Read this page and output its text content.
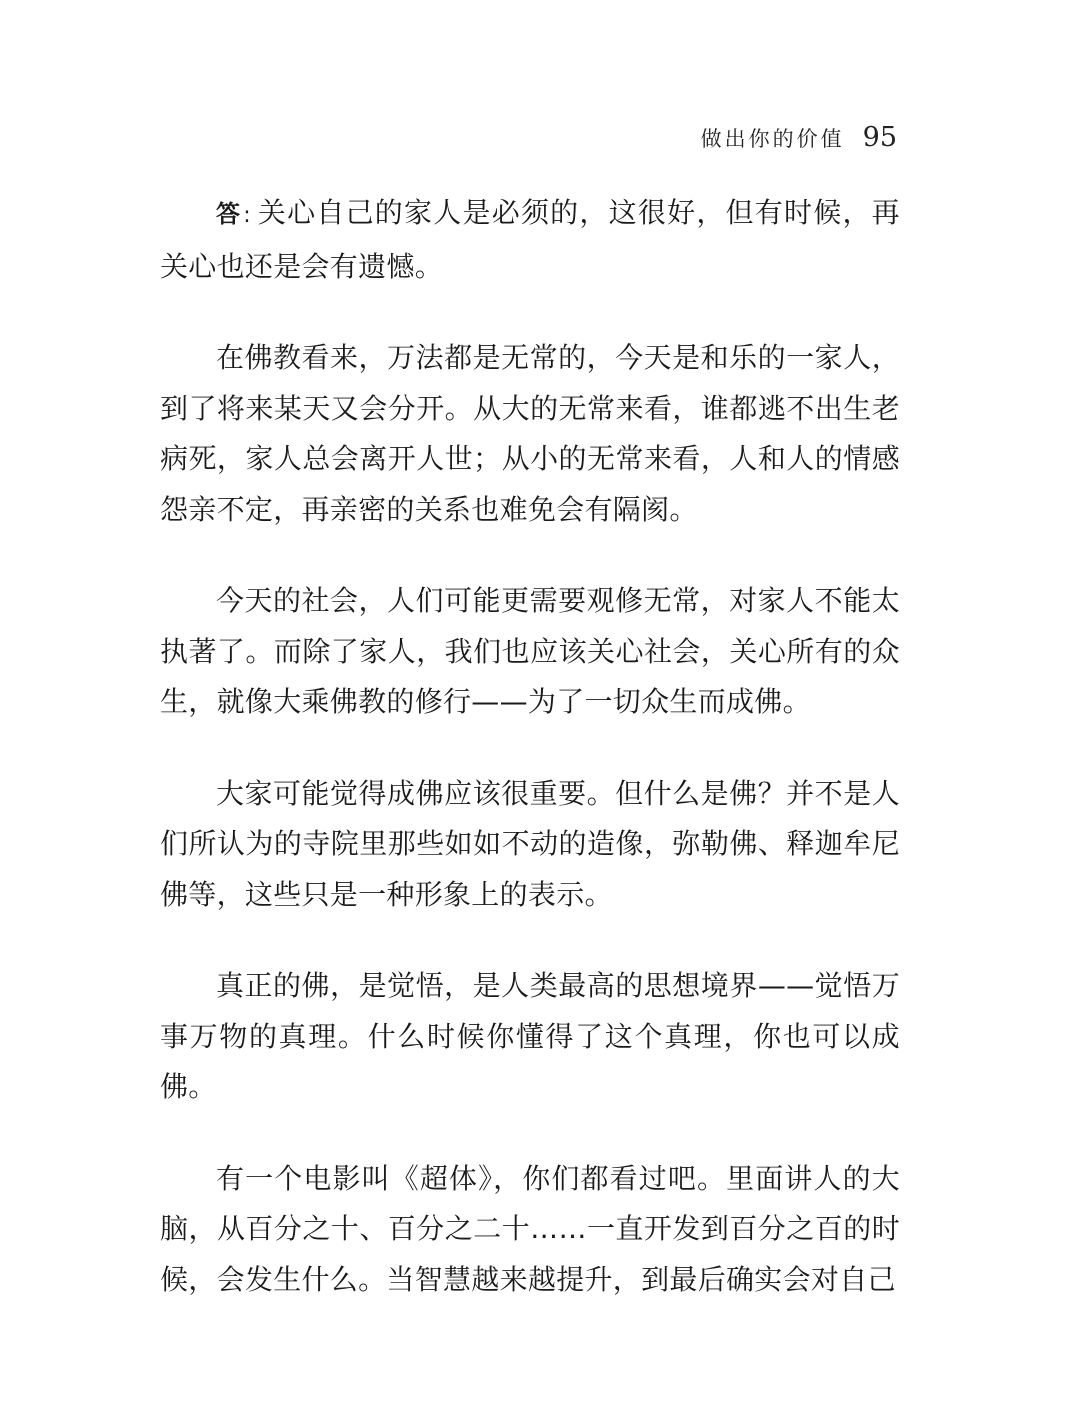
做出你的价值 95

答: 关心自己的家人是必须的，这很好，但有时候，再关心也还是会有遗憾。

在佛教看来，万法都是无常的，今天是和乐的一家人，到了将来某天又会分开。从大的无常来看，谁都逃不出生老病死，家人总会离开人世；从小的无常来看，人和人的情感怨亲不定，再亲密的关系也难免会有隔阂。

今天的社会，人们可能更需要观修无常，对家人不能太执著了。而除了家人，我们也应该关心社会，关心所有的众生，就像大乘佛教的修行——为了一切众生而成佛。

大家可能觉得成佛应该很重要。但什么是佛？并不是人们所认为的寺院里那些如如不动的造像，弥勒佛、释迦牟尼佛等，这些只是一种形象上的表示。

真正的佛，是觉悟，是人类最高的思想境界——觉悟万事万物的真理。什么时候你懂得了这个真理，你也可以成佛。

有一个电影叫《超体》，你们都看过吧。里面讲人的大脑，从百分之十、百分之二十……一直开发到百分之百的时候，会发生什么。当智慧越来越提升，到最后确实会对自己
